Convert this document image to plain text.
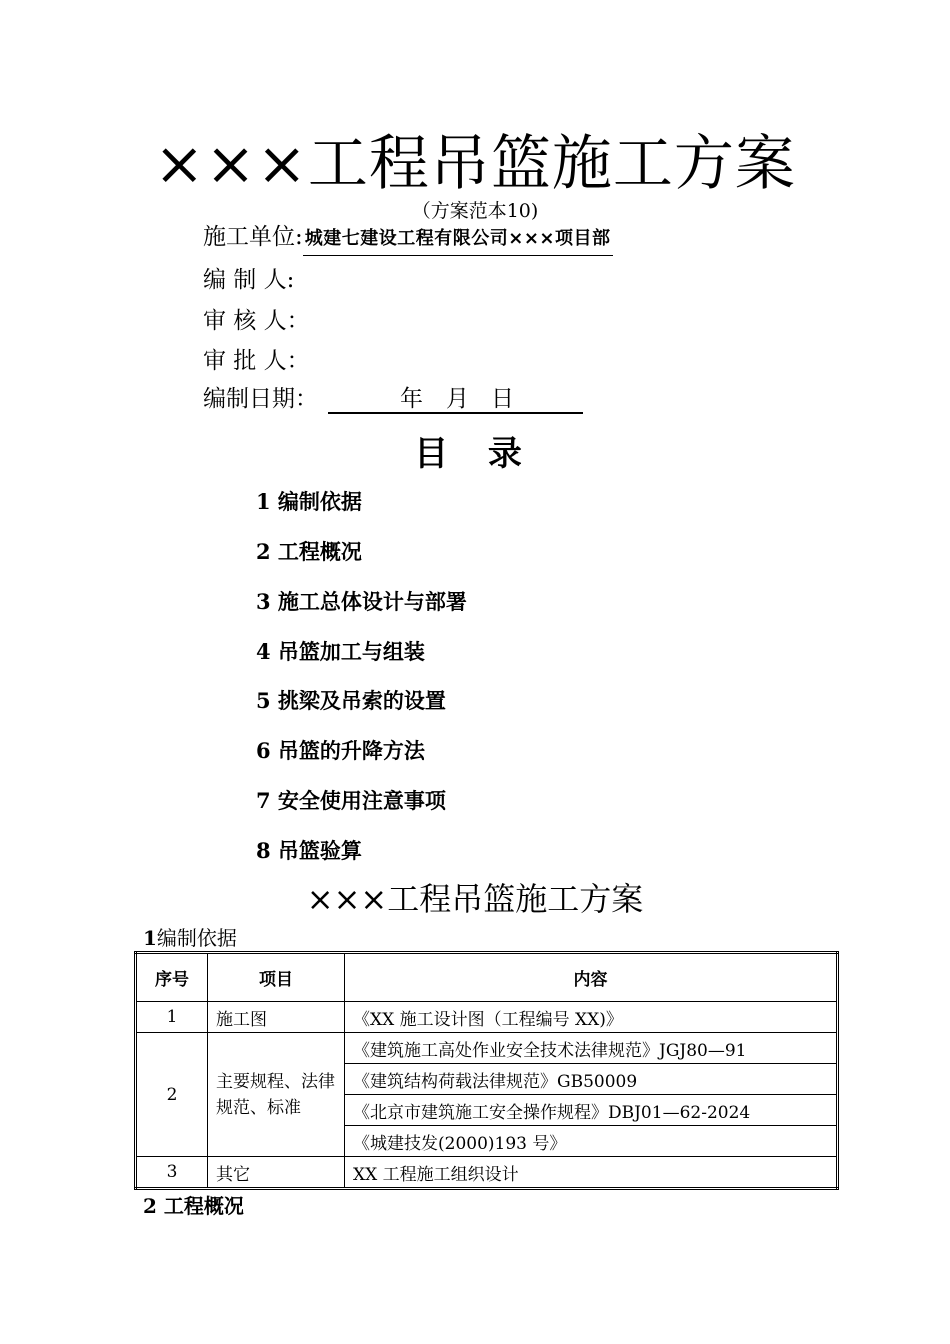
×××工程吊篮施工方案
（方案范本10)
施工单位: 城建七建设工程有限公司×××项目部
编 制 人:
审 核 人：
审 批 人：
编制日期：	年 月 日
目 录
1 编制依据
2 工程概况
3 施工总体设计与部署
4 吊篮加工与组装
5 挑梁及吊索的设置
6 吊篮的升降方法
7 安全使用注意事项
8 吊篮验算
×××工程吊篮施工方案
1编制依据
序号	项目	内容
1	施工图	《XX 施工设计图（工程编号 XX)》
2	主要规程、法律规范、标准	《建筑施工高处作业安全技术法律规范》JGJ80—91
		《建筑结构荷载法律规范》GB50009
		《北京市建筑施工安全操作规程》DBJ01—62-2024
		《城建技发(2000)193 号》
3	其它	XX 工程施工组织设计
2 工程概况
